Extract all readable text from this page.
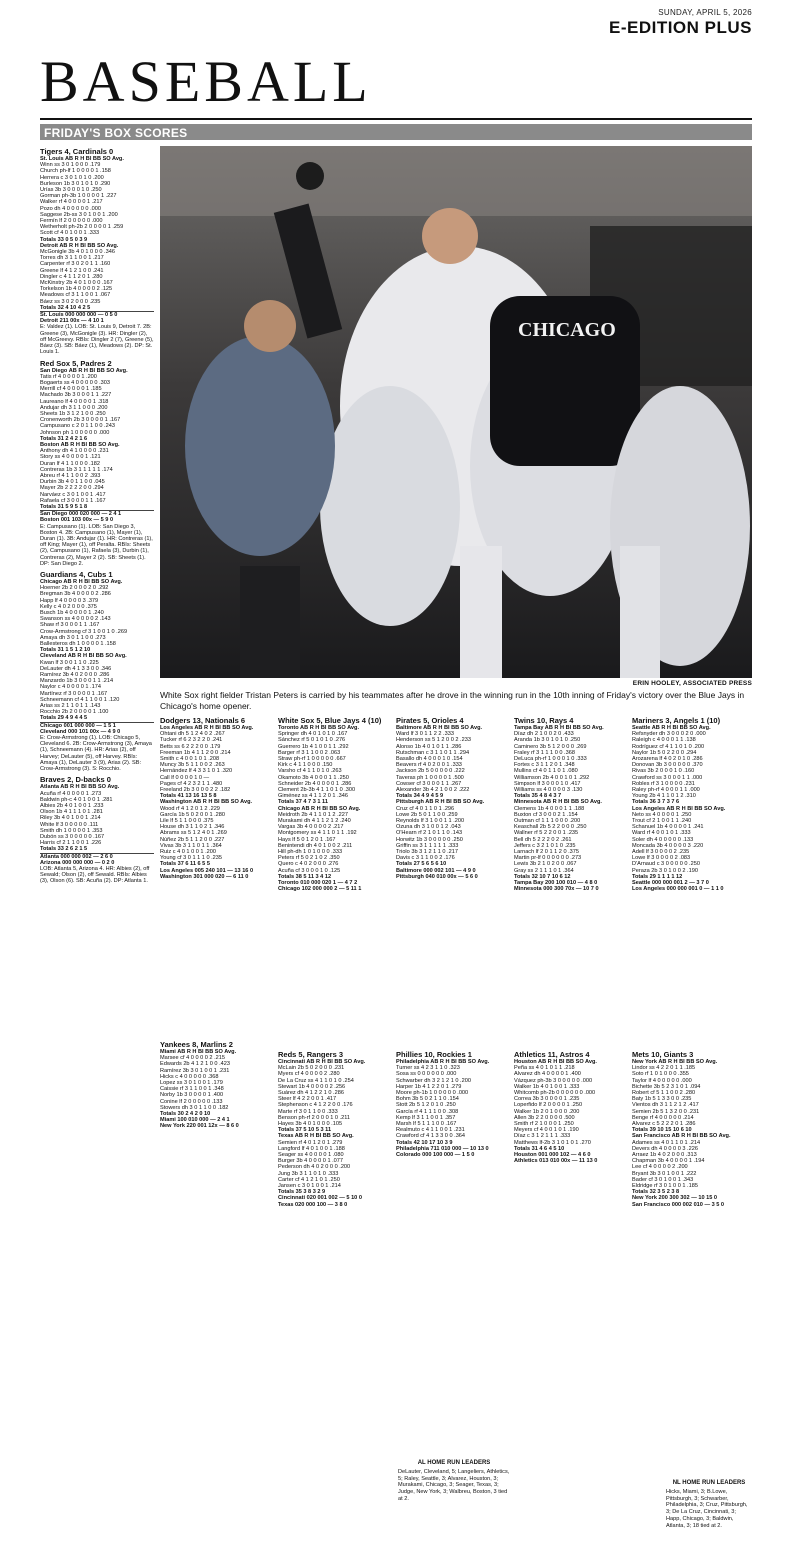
SUNDAY, APRIL 5, 2026
E-EDITION PLUS
BASEBALL
FRIDAY'S BOX SCORES
Tigers 4, Cardinals 0
St. Louis AB R H BI BB SO Avg.
Winn ss 3 0 1 0 0 0 .179
Church ph-lf 1 0 0 0 0 1 .158
Herrera c 3 0 1 0 1 0 .200
Burleson 1b 3 0 1 0 1 0 .290
Urías 3b 3 0 0 0 1 0 .250
Gorman ph-3b 1 0 0 0 0 1 .227
Walker rf 4 0 0 0 0 1 .217
Pozo dh 4 0 0 0 0 0 .000
Saggese 2b-ss 3 0 1 0 0 1 .200
Fermín lf 2 0 0 0 0 0 .000
Wetherholt ph-2b 2 0 0 0 0 1 .259
Scott cf 4 0 1 0 0 1 .333
Totals 33 0 5 0 3 9
Detroit AB R H BI BB SO Avg.
McGonigle 3b 4 0 1 0 0 0 .346
Torres dh 3 1 1 0 0 1 .217
Carpenter rf 3 0 2 0 1 1 .160
Greene lf 4 1 2 1 0 0 .241
Dingler c 4 1 1 2 0 1 .280
McKinstry 2b 4 0 1 0 0 0 .167
Torkelson 1b 4 0 0 0 0 2 .125
Meadows cf 3 1 1 0 0 1 .067
Báez ss 3 0 2 0 0 0 .235
Totals 32 4 10 4 2 5
St. Louis 000 000 000 — 0 5 0
Detroit 211 00x — 4 10 1
E: Valdez (1). LOB: St. Louis 9, Detroit 7. 2B: Greene (3), McGonigle (3). HR: Dingler (2), off McGreevy. RBIs: Dingler 2 (7), Greene (5), Báez (3). SB: Báez (1), Meadows (2). DP: St. Louis 1.
Red Sox 5, Padres 2
San Diego AB R H BI BB SO Avg.
Tatis rf 4 0 0 0 0 1 .200
Bogaerts ss 4 0 0 0 0 0 .303
Merrill cf 4 0 0 0 0 1 .185
Machado 3b 3 0 0 0 1 1 .227
Laureano lf 4 0 0 0 0 1 .318
Andujar dh 3 1 1 0 0 0 .200
Sheets 1b 3 1 2 1 0 0 .250
Cronenworth 2b 3 0 0 0 0 1 .167
Campusano c 2 0 1 1 0 0 .243
Johnson ph 1 0 0 0 0 0 .000
Totals 31 2 4 2 1 6
Boston AB R H BI BB SO Avg.
Anthony dh 4 1 0 0 0 0 .231
Story ss 4 0 0 0 0 1 .121
Duran lf 4 1 1 0 0 0 .182
Contreras 1b 3 1 1 1 1 1 .174
Abreu rf 4 1 1 0 0 2 .393
Durbin 3b 4 0 1 1 0 0 .045
Mayer 2b 2 2 2 2 0 0 .294
Narváez c 3 0 1 0 0 1 .417
Rafaela cf 3 0 0 0 1 1 .167
Totals 31 5 9 5 1 8
San Diego 000 020 000 — 2 4 1
Boston 001 103 00x — 5 9 0
E: Campusano (1). LOB: San Diego 3, Boston 4. 2B: Campusano (1), Mayer (1), Duran (1). 3B: Andujar (1). HR: Contreras (1), off King; Mayer (1), off Peralta. RBIs: Sheets (2), Campusano (1), Rafaela (3), Durbin (1), Contreras (2), Mayer 2 (2). SB: Sheets (1). DP: San Diego 2.
Guardians 4, Cubs 1
Chicago AB R H BI BB SO Avg.
Hoerner 2b 2 0 0 0 2 0 .292
Bregman 3b 4 0 0 0 0 2 .286
Happ lf 4 0 0 0 0 3 .379
Kelly c 4 0 2 0 0 0 .375
Busch 1b 4 0 0 0 0 1 .240
Swanson ss 4 0 0 0 0 2 .143
Shaw rf 3 0 0 0 1 1 .167
Crow-Armstrong cf 3 1 0 0 1 0 .269
Amaya dh 3 0 1 1 0 0 .273
Ballesteros dh 1 0 0 0 0 1 .158
Totals 31 1 5 1 2 10
Cleveland AB R H BI BB SO Avg.
Kwan lf 3 0 0 1 1 0 .225
DeLauter dh 4 1 3 3 0 0 .346
Ramírez 3b 4 0 2 0 0 0 .286
Manzardo 1b 3 0 0 0 1 1 .214
Naylor c 4 0 0 0 0 1 .174
Martínez rf 3 0 0 0 0 1 .167
Schneemann cf 4 1 1 0 0 1 .120
Arias ss 2 1 1 0 1 1 .143
Rocchio 2b 2 0 0 0 0 1 .100
Totals 29 4 9 4 4 5
Chicago 001 000 000 — 1 5 1
Cleveland 000 101 00x — 4 9 0
E: Crow-Armstrong (1). LOB: Chicago 5, Cleveland 6. 2B: Crow-Armstrong (3), Amaya (1), Schneemann (4). HR: Arias (2), off Harvey; DeLauter (5), off Harvey. RBIs: Amaya (1), DeLauter 3 (9), Arias (2). SB: Crow-Armstrong (3). S: Rocchio.
Braves 2, D-backs 0
Atlanta AB R H BI BB SO Avg.
Acuña rf 4 0 0 0 0 1 .273
Baldwin ph-c 4 0 1 0 0 1 .281
Albies 2b 4 0 1 0 0 1 .233
Olson 1b 4 1 1 1 0 1 .281
Riley 3b 4 0 1 0 0 1 .214
White lf 3 0 0 0 0 0 .111
Smith dh 1 0 0 0 0 1 .353
Dubón ss 3 0 0 0 0 0 .167
Harris cf 2 1 1 0 0 1 .226
Totals 33 2 6 2 1 5
Atlanta 000 000 002 — 2 6 0
Arizona 000 000 000 — 0 2 0
LOB: Atlanta 5, Arizona 4. HR: Albies (2), off Sewald; Olson (2), off Sewald. RBIs: Albies (3), Olson (6). SB: Acuña (2). DP: Atlanta 1.
CHICAGO
ERIN HOOLEY, ASSOCIATED PRESS
White Sox right fielder Tristan Peters is carried by his teammates after he drove in the winning run in the 10th inning of Friday's victory over the Blue Jays in Chicago's home opener.
Dodgers 13, Nationals 6
Los Angeles AB R H BI BB SO Avg.
Ohtani dh 5 1 2 4 0 2 .267
Tucker rf 6 2 3 2 2 0 .241
Betts ss 6 2 2 2 0 0 .179
Freeman 1b 4 1 1 2 0 0 .214
Smith c 4 0 0 1 0 1 .208
Muncy 3b 5 1 1 0 0 2 .263
Hernández lf 4 3 3 1 0 1 .320
Call lf 0 0 0 0 1 0 —
Pages cf 4 2 3 2 1 1 .480
Freeland 2b 3 0 0 0 2 2 .182
Totals 41 13 16 13 5 8
Washington AB R H BI BB SO Avg.
Wood rf 4 1 2 0 1 2 .229
García 1b 5 0 2 0 0 1 .280
Lile lf 5 1 1 0 0 0 .375
House dh 3 1 1 0 2 1 .346
Abrams ss 5 1 2 4 0 1 .269
Núñez 2b 5 1 1 2 0 0 .227
Vivas 3b 3 1 1 0 1 1 .364
Ruiz c 4 0 1 0 0 1 .200
Young cf 3 0 1 1 1 0 .235
Totals 37 6 11 6 5 5
Los Angeles 005 240 101 — 13 16 0
Washington 301 000 020 — 6 11 0
White Sox 5, Blue Jays 4 (10)
Toronto AB R H BI BB SO Avg.
Springer dh 4 0 1 0 1 0 .167
Sánchez rf 5 0 1 0 1 0 .276
Guerrero 1b 4 1 0 0 1 1 .292
Barger rf 3 1 1 0 0 2 .063
Straw ph-rf 1 0 0 0 0 0 .667
Kirk c 4 1 1 0 0 0 .150
Varsho cf 4 1 1 0 1 0 .263
Okamoto 3b 4 0 0 0 1 1 .250
Schneider 2b 4 0 0 0 0 1 .286
Clement 2b-3b 4 1 1 0 1 0 .300
Giménez ss 4 1 1 2 0 1 .346
Totals 37 4 7 3 1 11
Chicago AB R H BI BB SO Avg.
Meidroth 2b 4 1 1 0 1 2 .227
Murakami dh 4 1 1 2 1 2 .240
Vargas 3b 4 0 0 0 0 2 .217
Montgomery ss 4 1 1 0 1 1 .192
Hays lf 5 0 1 2 0 1 .167
Benintendi dh 4 0 1 0 0 2 .211
Hill ph-dh 1 0 1 0 0 0 .333
Peters rf 5 0 2 1 0 2 .350
Quero c 4 0 2 0 0 0 .276
Acuña cf 3 0 0 0 1 0 .125
Totals 38 5 11 3 4 12
Toronto 010 000 020 1 — 4 7 2
Chicago 102 000 000 2 — 5 11 1
Pirates 5, Orioles 4
Baltimore AB R H BI BB SO Avg.
Ward lf 3 0 1 1 2 2 .333
Henderson ss 5 1 2 0 0 2 .233
Alonso 1b 4 0 1 0 1 1 .286
Rutschman c 3 1 1 0 1 1 .294
Basallo dh 4 0 0 0 1 0 .154
Beavers rf 4 0 2 0 0 1 .333
Jackson 2b 5 0 0 0 0 0 .222
Taveras ph 1 0 0 0 0 1 .500
Cowser cf 3 0 0 0 1 1 .267
Alexander 3b 4 2 1 0 0 2 .222
Totals 34 4 9 4 5 9
Pittsburgh AB R H BI BB SO Avg.
Cruz cf 4 0 1 1 0 1 .296
Lowe 2b 5 0 1 1 0 0 .259
Reynolds lf 3 1 0 0 1 1 .200
Ozuna dh 3 1 0 0 1 2 .043
O'Hearn rf 2 1 0 1 1 0 .143
Horwitz 1b 3 0 0 0 0 0 .250
Griffin ss 3 1 1 1 1 1 .333
Triolo 3b 3 1 2 1 1 0 .217
Davis c 3 1 1 0 0 2 .176
Totals 27 5 6 5 6 10
Baltimore 000 002 101 — 4 9 0
Pittsburgh 040 010 00x — 5 6 0
Twins 10, Rays 4
Tampa Bay AB R H BI BB SO Avg.
Díaz dh 2 1 0 0 2 0 .433
Aranda 1b 3 0 1 0 1 0 .250
Caminero 3b 5 1 2 0 0 0 .269
Fraley rf 3 1 1 1 0 0 .368
DeLuca ph-rf 1 0 0 0 1 0 .333
Fortes c 3 1 1 2 0 1 .348
Mullins cf 4 0 1 1 0 1 .080
Williamson 2b 4 0 0 1 0 1 .292
Simpson lf 3 0 0 0 1 0 .417
Williams ss 4 0 0 0 0 3 .130
Totals 35 4 8 4 3 7
Minnesota AB R H BI BB SO Avg.
Clemens 1b 4 0 0 0 1 1 .188
Buxton cf 3 0 0 0 2 1 .154
Outman cf 1 1 1 0 0 0 .200
Keaschall 2b 5 2 2 0 0 0 .250
Wallner rf 5 2 2 0 0 1 .235
Bell dh 5 2 2 2 0 2 .261
Jeffers c 3 2 1 0 1 0 .235
Larnach lf 2 0 1 1 2 0 .375
Martin pr-lf 0 0 0 0 0 0 .273
Lewis 3b 2 1 0 2 0 0 .067
Gray ss 2 1 1 1 0 1 .364
Totals 32 10 7 10 6 12
Tampa Bay 200 100 010 — 4 8 0
Minnesota 000 300 70x — 10 7 0
Mariners 3, Angels 1 (10)
Seattle AB R H BI BB SO Avg.
Refsnyder dh 3 0 0 0 2 0 .000
Raleigh c 4 0 0 0 1 1 .138
Rodríguez cf 4 1 1 0 1 0 .200
Naylor 1b 5 0 2 2 0 0 .294
Arozarena lf 4 0 2 0 1 0 .286
Donovan 3b 3 0 0 0 0 0 .370
Rivas 3b 2 0 0 0 1 0 .160
Crawford ss 3 0 0 0 1 1 .000
Robles rf 3 1 0 0 0 0 .231
Raley ph-rf 4 0 0 0 1 1 .000
Young 2b 4 1 1 0 1 2 .310
Totals 36 3 7 3 7 6
Los Angeles AB R H BI BB SO Avg.
Neto ss 4 0 0 0 0 1 .250
Trout cf 2 1 0 0 1 1 .240
Schanuel 1b 4 0 0 0 0 1 .241
Ward rf 4 0 0 1 0 1 .333
Soler dh 4 0 0 0 0 0 .133
Moncada 3b 4 0 0 0 0 3 .220
Adell lf 3 0 0 0 0 2 .235
Lowe lf 3 0 0 0 0 2 .083
D'Arnaud c 3 0 0 0 0 0 .250
Peraza 2b 3 0 1 0 0 2 .190
Totals 29 1 1 1 1 12
Seattle 000 000 001 2 — 3 7 0
Los Angeles 000 000 001 0 — 1 1 0
Yankees 8, Marlins 2
Miami AB R H BI BB SO Avg.
Marsee cf 4 0 0 0 0 2 .215
Edwards 2b 4 1 2 1 0 0 .423
Ramírez 3b 3 0 1 0 0 1 .231
Hicks c 4 0 0 0 0 0 .368
Lopez ss 3 0 1 0 0 1 .179
Caissie rf 3 1 1 0 0 1 .348
Norby 1b 3 0 0 0 0 1 .400
Conine lf 2 0 0 0 0 0 .133
Stowers dh 3 0 1 1 0 0 .182
Totals 30 2 4 2 0 10
Miami 100 010 000 — 2 4 1
New York 220 001 12x — 8 6 0
Reds 5, Rangers 3
Cincinnati AB R H BI BB SO Avg.
McLain 2b 5 0 2 0 0 0 .231
Myers cf 4 0 0 0 0 2 .280
De La Cruz ss 4 1 1 0 1 0 .254
Stewart 1b 4 0 0 0 0 2 .256
Suárez dh 4 1 2 2 1 0 .286
Steer lf 4 2 2 0 0 1 .417
Stephenson c 4 1 2 2 0 0 .176
Marte rf 3 0 1 1 0 0 .333
Benson ph-rf 2 0 0 0 1 0 .211
Hayes 3b 4 0 1 0 0 0 .105
Totals 37 5 10 5 3 11
Texas AB R H BI BB SO Avg.
Semien rf 4 0 1 2 0 1 .279
Langford lf 4 0 1 0 0 1 .188
Seager ss 4 0 0 0 0 1 .080
Burger 3b 4 0 0 0 0 1 .077
Pederson dh 4 0 2 0 0 0 .200
Jung 3b 3 1 1 0 1 0 .333
Carter cf 4 1 2 1 0 1 .250
Jansen c 3 0 1 0 0 1 .214
Totals 35 3 8 3 2 9
Cincinnati 020 001 002 — 5 10 0
Texas 020 000 100 — 3 8 0
Phillies 10, Rockies 1
Philadelphia AB R H BI BB SO Avg.
Turner ss 4 2 3 1 1 0 .323
Sosa ss 0 0 0 0 0 0 .000
Schwarber dh 3 2 1 2 1 0 .200
Harper 1b 4 1 2 2 0 1 .279
Moore ph-1b 1 0 0 0 0 0 .000
Bohm 3b 5 0 2 1 1 0 .154
Stott 2b 5 1 2 0 1 0 .250
García rf 4 1 1 1 0 0 .308
Kemp lf 3 1 1 0 0 1 .357
Marsh lf 5 1 1 1 0 0 .167
Realmuto c 4 1 1 0 0 1 .231
Crawford cf 4 1 3 3 0 0 .364
Totals 42 10 17 10 3 9
Philadelphia 711 010 000 — 10 13 0
Colorado 000 100 000 — 1 5 0
Athletics 11, Astros 4
Houston AB R H BI BB SO Avg.
Peña ss 4 0 1 0 1 1 .218
Alvarez dh 4 0 0 0 0 1 .400
Vázquez ph-3b 3 0 0 0 0 0 .000
Walker 1b 4 0 1 0 0 1 .333
Whitcomb ph-2b 0 0 0 0 0 0 .000
Correa 3b 3 0 0 0 0 1 .235
Loperfido lf 2 0 0 0 0 1 .250
Walker 1b 2 0 1 0 0 0 .200
Allen 3b 2 2 0 0 0 0 .500
Smith rf 2 1 0 0 0 1 .250
Meyers cf 4 0 0 1 0 1 .190
Díaz c 3 1 2 1 1 1 .333
Matthews lf-2b 3 1 0 1 0 1 .270
Totals 31 4 6 4 5 10
Houston 001 000 102 — 4 6 0
Athletics 013 010 00x — 11 13 0
Mets 10, Giants 3
New York AB R H BI BB SO Avg.
Lindor ss 4 2 2 0 1 1 .185
Soto rf 1 0 1 0 0 0 .355
Taylor lf 4 0 0 0 0 0 .000
Bichette 3b 5 2 3 1 0 1 .094
Robert cf 5 1 1 0 0 2 .280
Baty 1b 5 1 3 3 0 0 .235
Vientos dh 3 1 1 2 1 2 .417
Semien 2b 5 1 3 2 0 0 .231
Benge rf 4 0 0 0 0 0 .214
Alvarez c 5 2 2 2 0 1 .286
Totals 39 10 15 10 6 10
San Francisco AB R H BI BB SO Avg.
Adames ss 4 0 1 1 0 1 .214
Devers dh 4 0 0 0 0 3 .226
Arraez 1b 4 0 2 0 0 0 .313
Chapman 3b 4 0 0 0 0 1 .194
Lee cf 4 0 0 0 0 2 .200
Bryant 3b 3 0 1 0 0 1 .222
Bader cf 3 0 1 0 0 1 .343
Eldridge rf 3 0 1 0 0 1 .185
Totals 32 3 5 2 3 8
New York 200 300 302 — 10 15 0
San Francisco 000 002 010 — 3 5 0
AL HOME RUN LEADERS
DeLauter, Cleveland, 5; Langeliers, Athletics, 5; Raley, Seattle, 3; Alvarez, Houston, 3; Murakami, Chicago, 3; Seager, Texas, 3; Judge, New York, 3; Walbreu, Boston, 3 tied at 2.
NL HOME RUN LEADERS
Hicks, Miami, 3; B.Lowe, Pittsburgh, 3; Schwarber, Philadelphia, 3; Cruz, Pittsburgh, 3; De La Cruz, Cincinnati, 3; Happ, Chicago, 3; Baldwin, Atlanta, 3; 18 tied at 2.
